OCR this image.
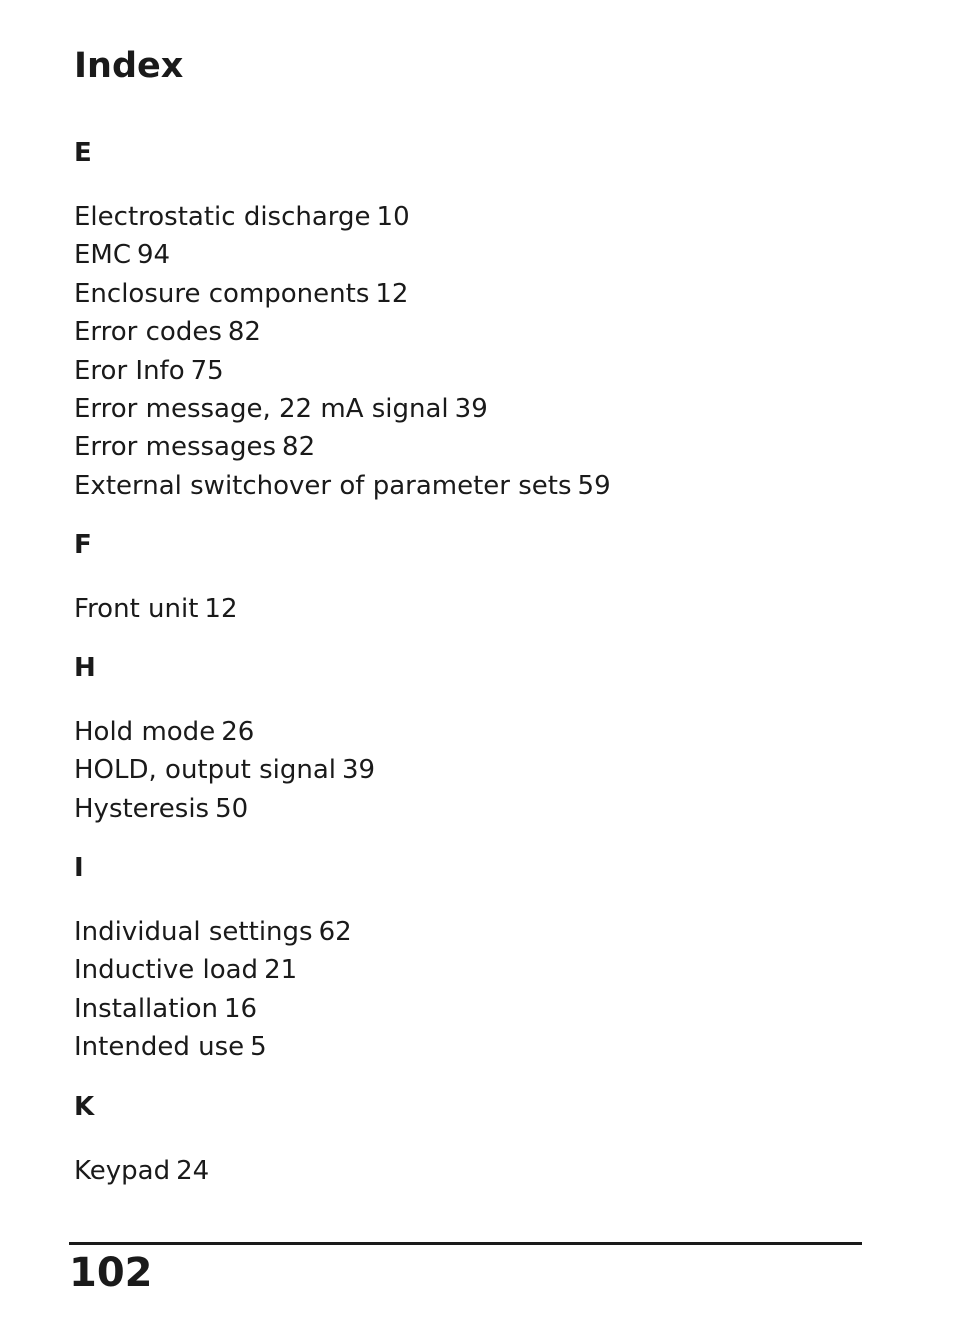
Index
E
Electrostatic discharge 10
EMC 94
Enclosure components 12
Error codes 82
Eror Info 75
Error message, 22 mA signal 39
Error messages 82
External switchover of parameter sets 59
F
Front unit 12
H
Hold mode 26
HOLD, output signal 39
Hysteresis 50
I
Individual settings 62
Inductive load 21
Installation 16
Intended use 5
K
Keypad 24
102
